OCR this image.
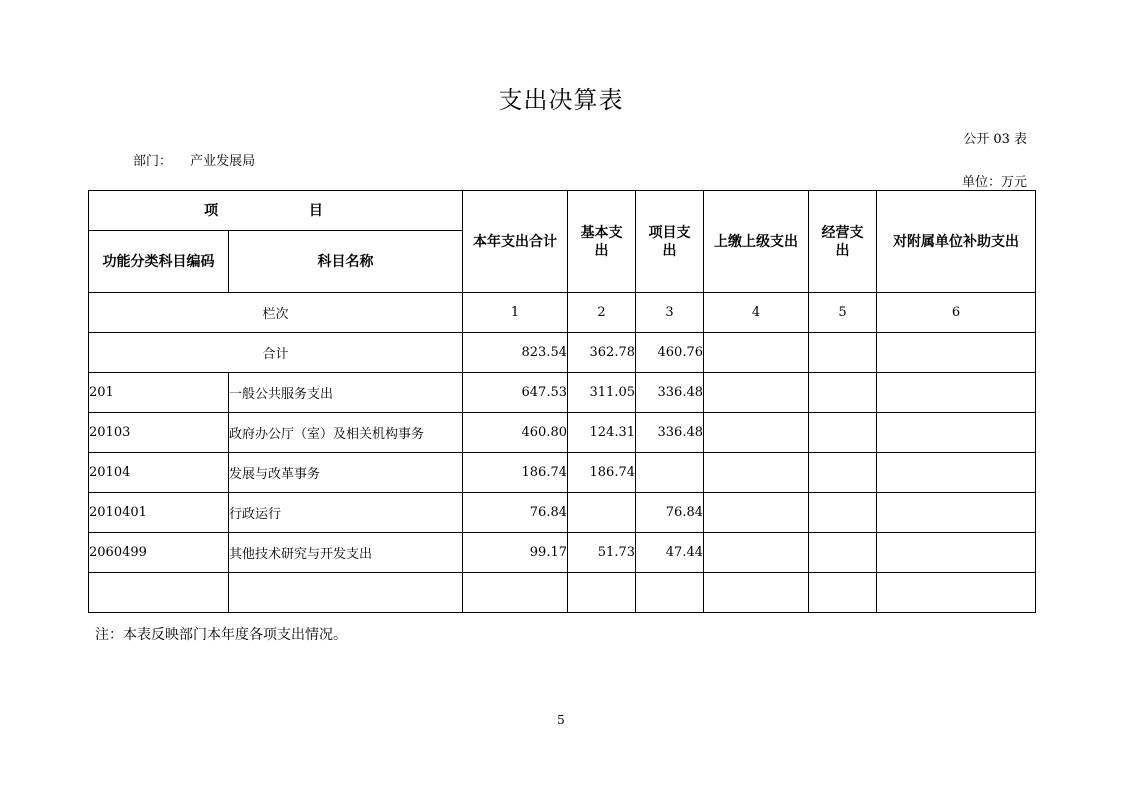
支出决算表
公开 03 表
部门： 产业发展局
单位：万元
项　 目		本年支出合计	基本支出	项目支出	上缴上级支出	经营支出	对附属单位补助支出
功能分类科目编码	科目名称						
栏次		1	2	3	4	5	6
合计		823.54	362.78	460.76			
201	一般公共服务支出	647.53	311.05	336.48			
20103	政府办公厅（室）及相关机构事务	460.80	124.31	336.48			
20104	发展与改革事务	186.74	186.74				
2010401	行政运行	76.84		76.84			
2060499	其他技术研究与开发支出	99.17	51.73	47.44			

注：本表反映部门本年度各项支出情况。
5
